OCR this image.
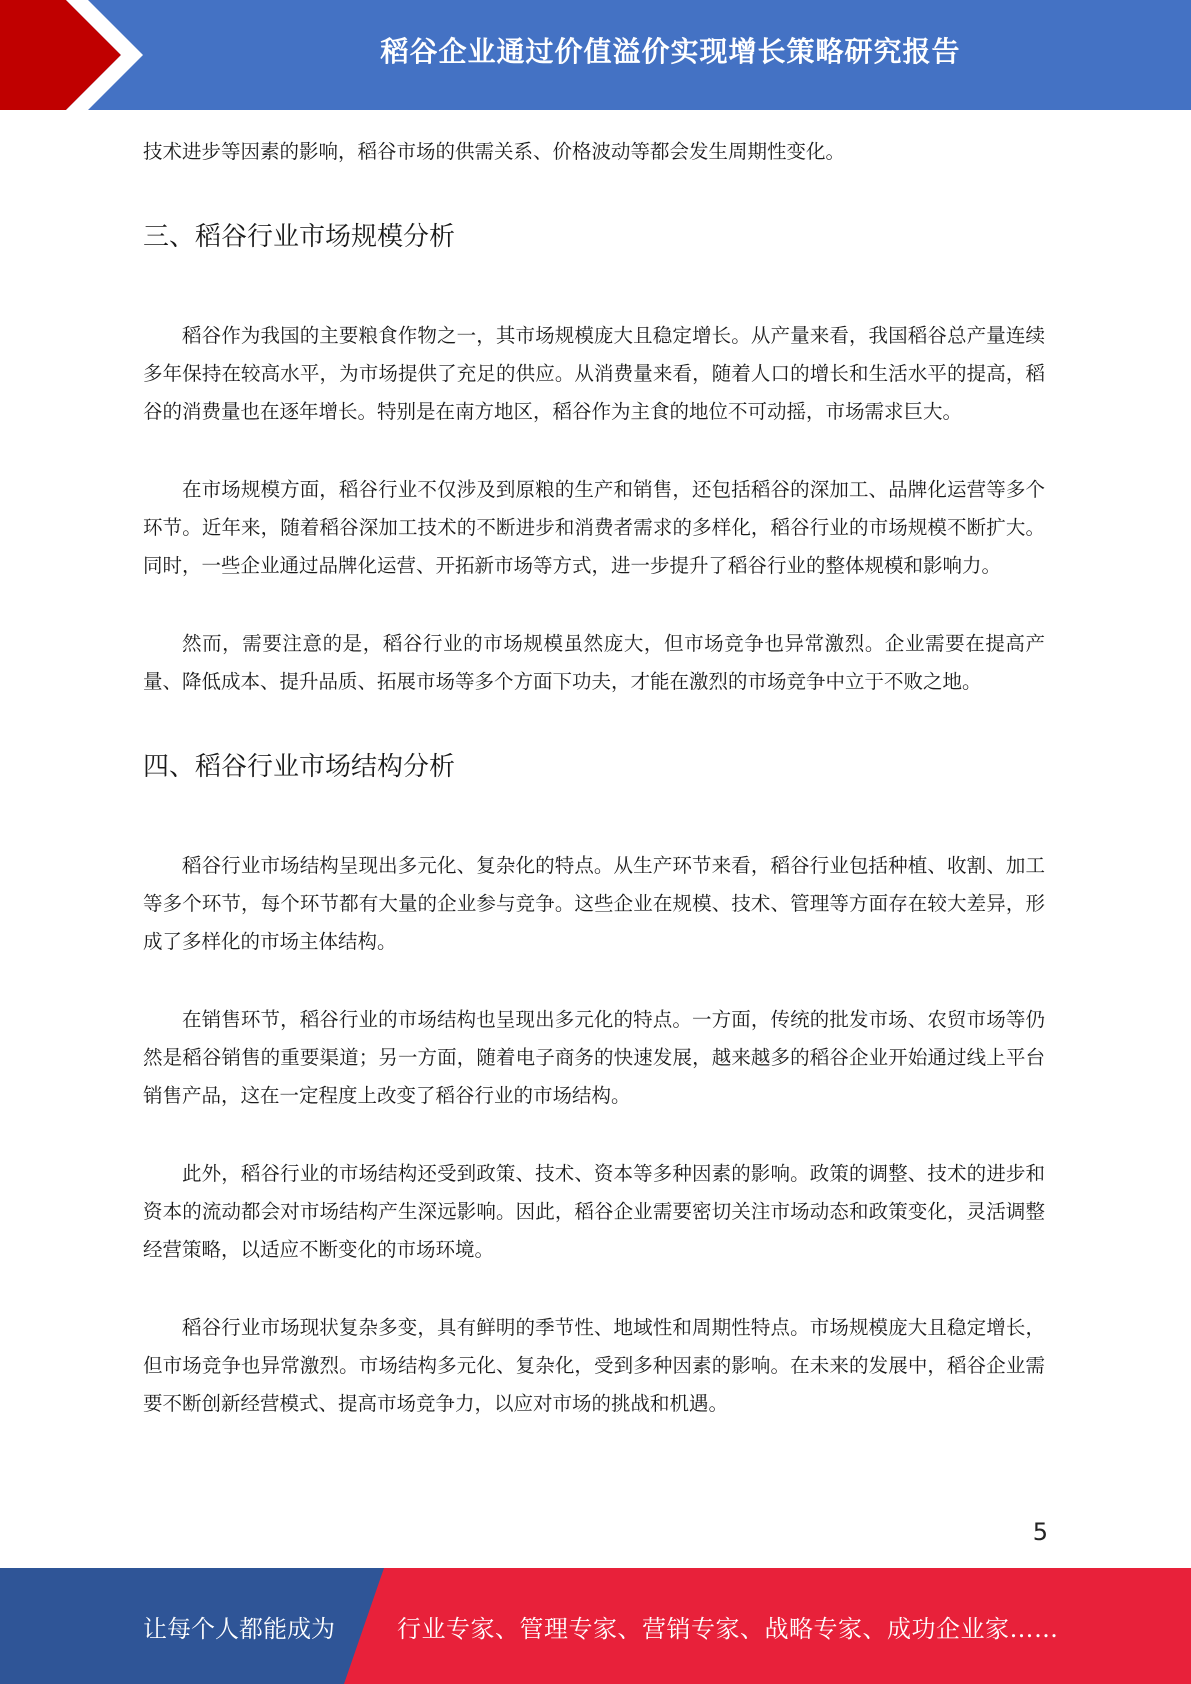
稻谷企业通过价值溢价实现增长策略研究报告

技术进步等因素的影响，稻谷市场的供需关系、价格波动等都会发生周期性变化。

三、稻谷行业市场规模分析

稻谷作为我国的主要粮食作物之一，其市场规模庞大且稳定增长。从产量来看，我国稻谷总产量连续多年保持在较高水平，为市场提供了充足的供应。从消费量来看，随着人口的增长和生活水平的提高，稻谷的消费量也在逐年增长。特别是在南方地区，稻谷作为主食的地位不可动摇，市场需求巨大。

在市场规模方面，稻谷行业不仅涉及到原粮的生产和销售，还包括稻谷的深加工、品牌化运营等多个环节。近年来，随着稻谷深加工技术的不断进步和消费者需求的多样化，稻谷行业的市场规模不断扩大。同时，一些企业通过品牌化运营、开拓新市场等方式，进一步提升了稻谷行业的整体规模和影响力。

然而，需要注意的是，稻谷行业的市场规模虽然庞大，但市场竞争也异常激烈。企业需要在提高产量、降低成本、提升品质、拓展市场等多个方面下功夫，才能在激烈的市场竞争中立于不败之地。

四、稻谷行业市场结构分析

稻谷行业市场结构呈现出多元化、复杂化的特点。从生产环节来看，稻谷行业包括种植、收割、加工等多个环节，每个环节都有大量的企业参与竞争。这些企业在规模、技术、管理等方面存在较大差异，形成了多样化的市场主体结构。

在销售环节，稻谷行业的市场结构也呈现出多元化的特点。一方面，传统的批发市场、农贸市场等仍然是稻谷销售的重要渠道；另一方面，随着电子商务的快速发展，越来越多的稻谷企业开始通过线上平台销售产品，这在一定程度上改变了稻谷行业的市场结构。

此外，稻谷行业的市场结构还受到政策、技术、资本等多种因素的影响。政策的调整、技术的进步和资本的流动都会对市场结构产生深远影响。因此，稻谷企业需要密切关注市场动态和政策变化，灵活调整经营策略，以适应不断变化的市场环境。

稻谷行业市场现状复杂多变，具有鲜明的季节性、地域性和周期性特点。市场规模庞大且稳定增长，但市场竞争也异常激烈。市场结构多元化、复杂化，受到多种因素的影响。在未来的发展中，稻谷企业需要不断创新经营模式、提高市场竞争力，以应对市场的挑战和机遇。

5
让每个人都能成为	行业专家、管理专家、营销专家、战略专家、成功企业家……
